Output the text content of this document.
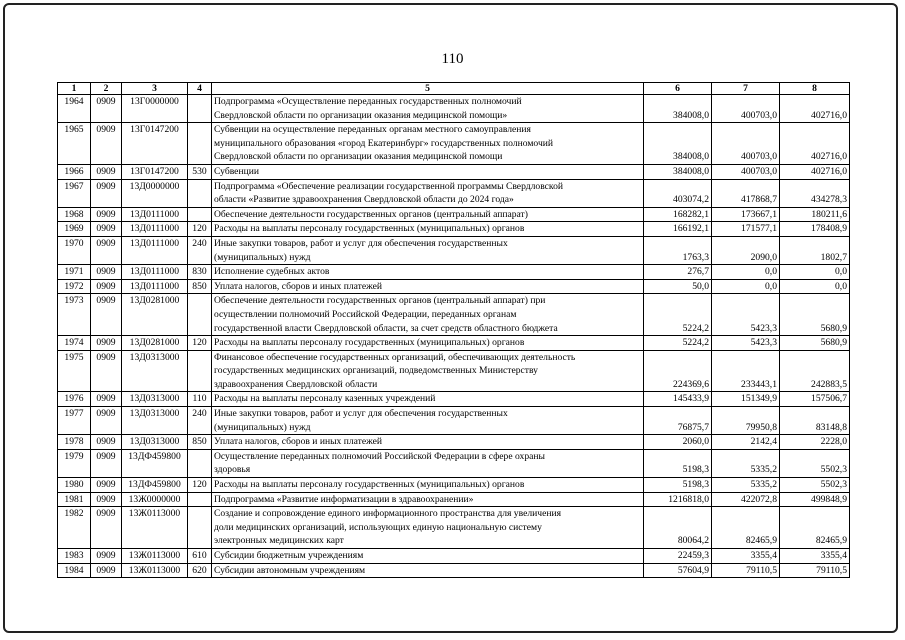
110
1	2	3	4	5	6	7	8
1964	0909	13Г0000000		Подпрограмма «Осуществление переданных государственных полномочий
Свердловской области по организации оказания медицинской помощи»	384008,0	400703,0	402716,0
1965	0909	13Г0147200		Субвенции на осуществление переданных органам местного самоуправления
муниципального образования «город Екатеринбург» государственных полномочий
Свердловской области по организации оказания медицинской помощи	384008,0	400703,0	402716,0
1966	0909	13Г0147200	530	Субвенции	384008,0	400703,0	402716,0
1967	0909	13Д0000000		Подпрограмма «Обеспечение реализации государственной программы Свердловской
области «Развитие здравоохранения Свердловской области до 2024 года»	403074,2	417868,7	434278,3
1968	0909	13Д0111000		Обеспечение деятельности государственных органов (центральный аппарат)	168282,1	173667,1	180211,6
1969	0909	13Д0111000	120	Расходы на выплаты персоналу государственных (муниципальных) органов	166192,1	171577,1	178408,9
1970	0909	13Д0111000	240	Иные закупки товаров, работ и услуг для обеспечения государственных
(муниципальных) нужд	1763,3	2090,0	1802,7
1971	0909	13Д0111000	830	Исполнение судебных актов	276,7	0,0	0,0
1972	0909	13Д0111000	850	Уплата налогов, сборов и иных платежей	50,0	0,0	0,0
1973	0909	13Д0281000		Обеспечение деятельности государственных органов (центральный аппарат) при
осуществлении полномочий Российской Федерации, переданных органам
государственной власти Свердловской области, за счет средств областного бюджета	5224,2	5423,3	5680,9
1974	0909	13Д0281000	120	Расходы на выплаты персоналу государственных (муниципальных) органов	5224,2	5423,3	5680,9
1975	0909	13Д0313000		Финансовое обеспечение государственных организаций, обеспечивающих деятельность
государственных медицинских организаций, подведомственных Министерству
здравоохранения Свердловской области	224369,6	233443,1	242883,5
1976	0909	13Д0313000	110	Расходы на выплаты персоналу казенных учреждений	145433,9	151349,9	157506,7
1977	0909	13Д0313000	240	Иные закупки товаров, работ и услуг для обеспечения государственных
(муниципальных) нужд	76875,7	79950,8	83148,8
1978	0909	13Д0313000	850	Уплата налогов, сборов и иных платежей	2060,0	2142,4	2228,0
1979	0909	13ДФ459800		Осуществление переданных полномочий Российской Федерации в сфере охраны
здоровья	5198,3	5335,2	5502,3
1980	0909	13ДФ459800	120	Расходы на выплаты персоналу государственных (муниципальных) органов	5198,3	5335,2	5502,3
1981	0909	13Ж0000000		Подпрограмма «Развитие информатизации в здравоохранении»	1216818,0	422072,8	499848,9
1982	0909	13Ж0113000		Создание и сопровождение единого информационного пространства для увеличения
доли медицинских организаций, использующих единую национальную систему
электронных медицинских карт	80064,2	82465,9	82465,9
1983	0909	13Ж0113000	610	Субсидии бюджетным учреждениям	22459,3	3355,4	3355,4
1984	0909	13Ж0113000	620	Субсидии автономным учреждениям	57604,9	79110,5	79110,5
